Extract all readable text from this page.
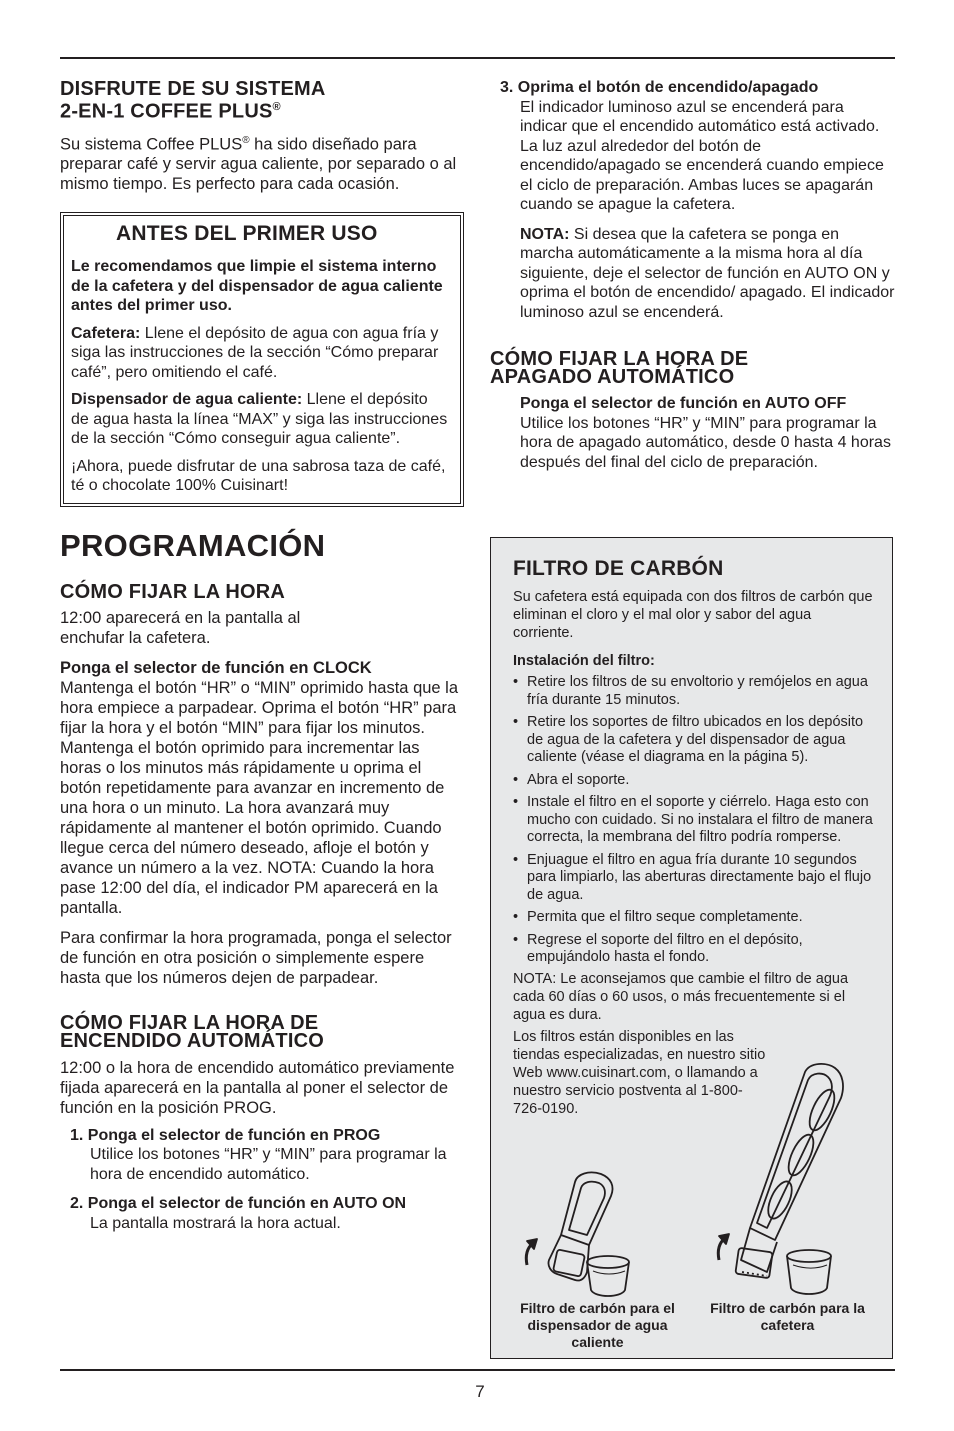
DISFRUTE DE SU SISTEMA
2-EN-1 COFFEE PLUS®

Su sistema Coffee PLUS® ha sido diseñado para preparar café y servir agua caliente, por separado o al mismo tiempo. Es perfecto para cada ocasión.

ANTES DEL PRIMER USO

Le recomendamos que limpie el sistema interno de la cafetera y del dispensador de agua caliente antes del primer uso.

Cafetera: Llene el depósito de agua con agua fría y siga las instrucciones de la sección “Cómo preparar café”, pero omitiendo el café.

Dispensador de agua caliente: Llene el depósito de agua hasta la línea “MAX” y siga las instrucciones de la sección “Cómo conseguir agua caliente”.

¡Ahora, puede disfrutar de una sabrosa taza de café, té o chocolate 100% Cuisinart!

PROGRAMACIÓN
CÓMO FIJAR LA HORA

12:00 aparecerá en la pantalla al enchufar la cafetera.

Ponga el selector de función en CLOCK
Mantenga el botón “HR” o “MIN” oprimido hasta que la hora empiece a parpadear. Oprima el botón “HR” para fijar la hora y el botón “MIN” para fijar los minutos. Mantenga el botón oprimido para incrementar las horas o los minutos más rápidamente u oprima el botón repetidamente para avanzar en incremento de una hora o un minuto. La hora avanzará muy rápidamente al mantener el botón oprimido. Cuando llegue cerca del número deseado, afloje el botón y avance un número a la vez. NOTA: Cuando la hora pase 12:00 del día, el indicador PM aparecerá en la pantalla.

Para confirmar la hora programada, ponga el selector de función en otra posición o simplemente espere hasta que los números dejen de parpadear.

CÓMO FIJAR LA HORA DE
ENCENDIDO AUTOMÁTICO

12:00 o la hora de encendido automático previamente fijada aparecerá en la pantalla al poner el selector de función en la posición PROG.

1. Ponga el selector de función en PROG

Utilice los botones “HR” y “MIN” para programar la hora de encendido automático.

2. Ponga el selector de función en AUTO ON

La pantalla mostrará la hora actual.

3. Oprima el botón de encendido/apagado

El indicador luminoso azul se encenderá para indicar que el encendido automático está activado. La luz azul alrededor del botón de encendido/apagado se encenderá cuando empiece el ciclo de preparación. Ambas luces se apagarán cuando se apague la cafetera.

NOTA: Si desea que la cafetera se ponga en marcha automáticamente a la misma hora al día siguiente, deje el selector de función en AUTO ON y oprima el botón de encendido/ apagado. El indicador luminoso azul se encenderá.

CÓMO FIJAR LA HORA DE
APAGADO AUTOMÁTICO

Ponga el selector de función en AUTO OFF

Utilice los botones “HR” y “MIN” para programar la hora de apagado automático, desde 0 hasta 4 horas después del final del ciclo de preparación.

FILTRO DE CARBÓN

Su cafetera está equipada con dos filtros de carbón que eliminan el cloro y el mal olor y sabor del agua corriente.

Instalación del filtro:

• Retire los filtros de su envoltorio y remójelos en agua fría durante 15 minutos.
• Retire los soportes de filtro ubicados en los depósito de agua de la cafetera y del dispensador de agua caliente (véase el diagrama en la página 5).
• Abra el soporte.
• Instale el filtro en el soporte y ciérrelo. Haga esto con mucho con cuidado. Si no instalara el filtro de manera correcta, la membrana del filtro podría romperse.
• Enjuague el filtro en agua fría durante 10 segundos para limpiarlo, las aberturas directamente bajo el flujo de agua.
• Permita que el filtro seque completamente.
• Regrese el soporte del filtro en el depósito, empujándolo hasta el fondo.

NOTA: Le aconsejamos que cambie el filtro de agua cada 60 días o 60 usos, o más frecuentemente si el agua es dura.

Los filtros están disponibles en las tiendas especializadas, en nuestro sitio Web www.cuisinart.com, o llamando a nuestro servicio postventa al 1-800-726-0190.

Filtro de carbón para el dispensador de agua caliente
Filtro de carbón para la cafetera
7
